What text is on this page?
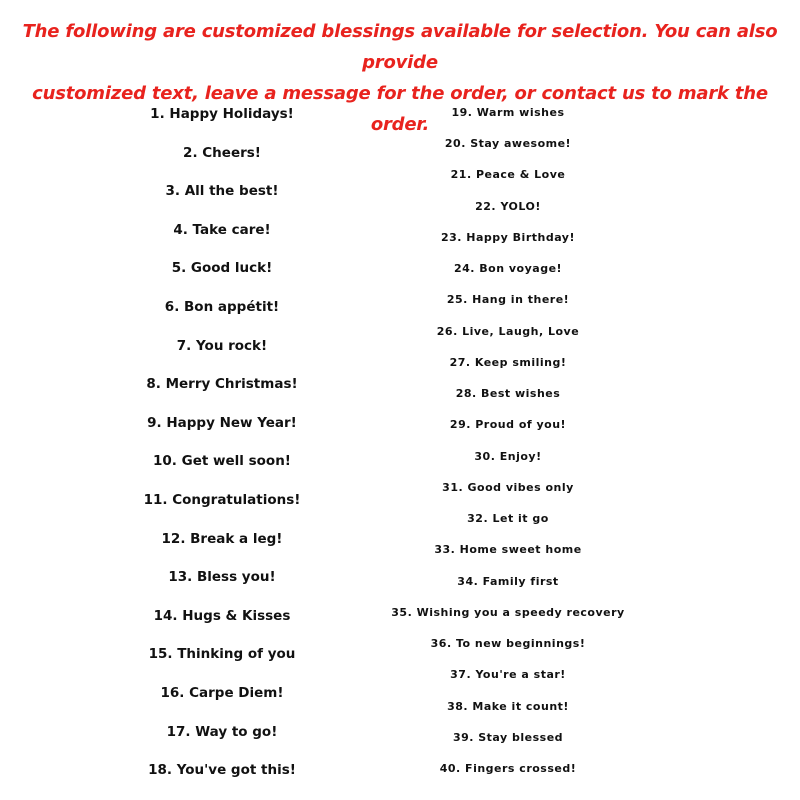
The following are customized blessings available for selection. You can also provide
customized text, leave a message for the order, or contact us to mark the order.
1. Happy Holidays!
2. Cheers!
3. All the best!
4. Take care!
5. Good luck!
6. Bon appétit!
7. You rock!
8. Merry Christmas!
9. Happy New Year!
10. Get well soon!
11. Congratulations!
12. Break a leg!
13. Bless you!
14. Hugs & Kisses
15. Thinking of you
16. Carpe Diem!
17. Way to go!
18. You've got this!
19. Warm wishes
20. Stay awesome!
21. Peace & Love
22. YOLO!
23. Happy Birthday!
24. Bon voyage!
25. Hang in there!
26. Live, Laugh, Love
27. Keep smiling!
28. Best wishes
29. Proud of you!
30. Enjoy!
31. Good vibes only
32. Let it go
33. Home sweet home
34. Family first
35. Wishing you a speedy recovery
36. To new beginnings!
37. You're a star!
38. Make it count!
39. Stay blessed
40. Fingers crossed!
